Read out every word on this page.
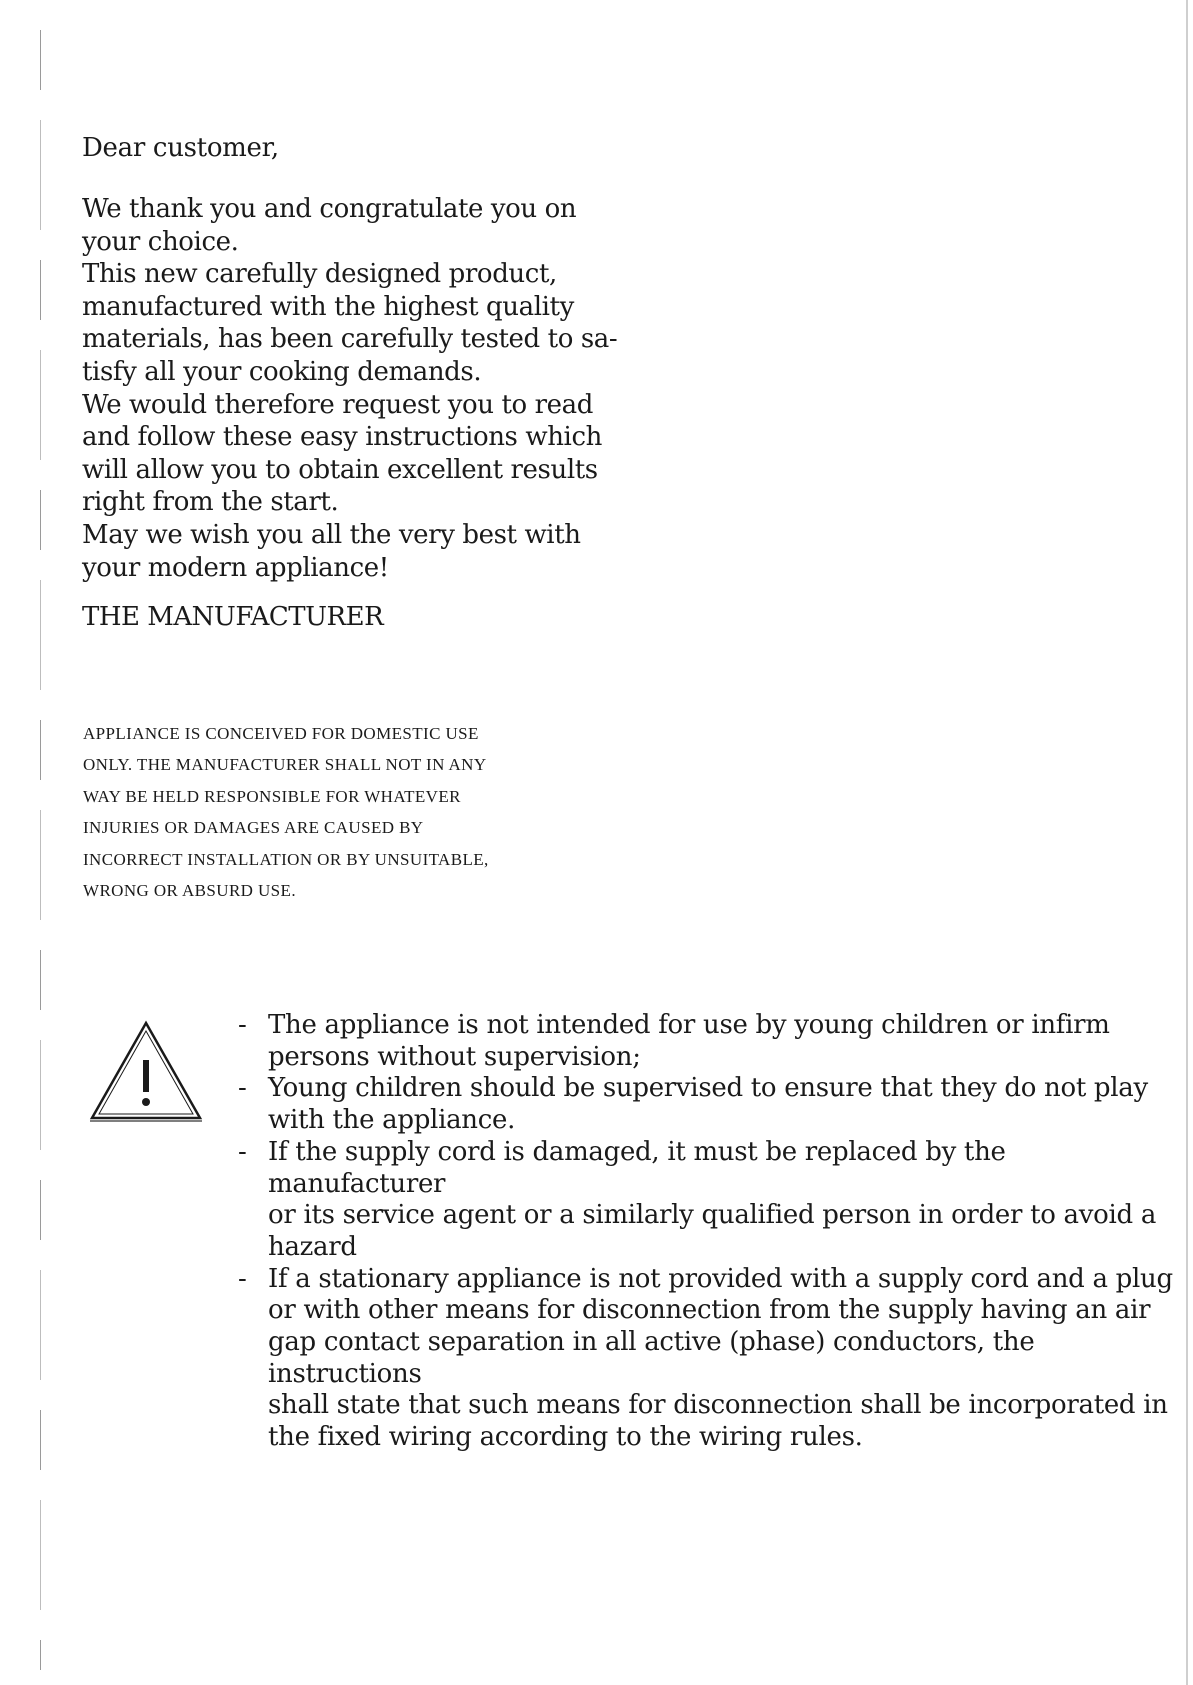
Dear customer,
We thank you and congratulate you on
your choice.
This new carefully designed product,
manufactured with the highest quality
materials, has been carefully tested to sa-
tisfy all your cooking demands.
We would therefore request you to read
and follow these easy instructions which
will allow you to obtain excellent results
right from the start.
May we wish you all the very best with
your modern appliance!
THE MANUFACTURER
APPLIANCE IS CONCEIVED FOR DOMESTIC USE
ONLY. THE MANUFACTURER SHALL NOT IN ANY
WAY BE HELD RESPONSIBLE FOR WHATEVER
INJURIES OR DAMAGES ARE CAUSED BY
INCORRECT INSTALLATION OR BY UNSUITABLE,
WRONG OR ABSURD USE.
- The appliance is not intended for use by young children or infirm
persons without supervision;
- Young children should be supervised to ensure that they do not play
with the appliance.
- If the supply cord is damaged, it must be replaced by the manufacturer
or its service agent or a similarly qualified person in order to avoid a
hazard
- If a stationary appliance is not provided with a supply cord and a plug
or with other means for disconnection from the supply having an air
gap contact separation in all active (phase) conductors, the instructions
shall state that such means for disconnection shall be incorporated in
the fixed wiring according to the wiring rules.
